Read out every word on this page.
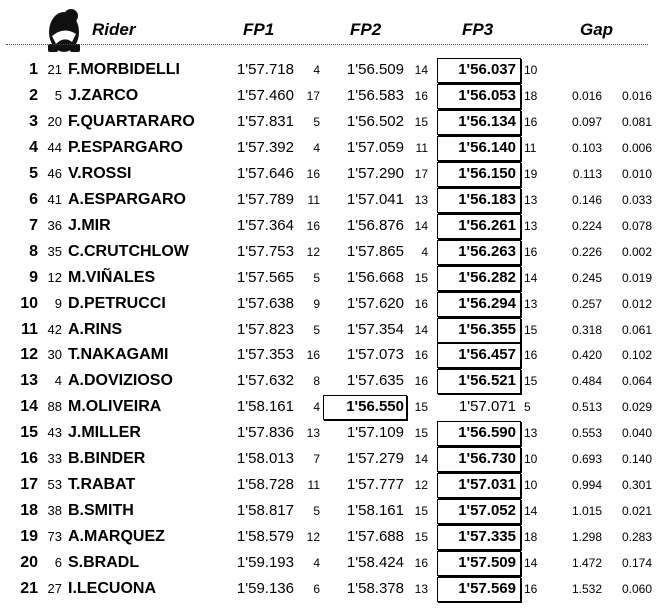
Rider	FP1	FP2	FP3	Gap
1 21 F.MORBIDELLI	1'57.718	4	1'56.509 14	1'56.037 10
2	5 J.ZARCO	1'57.460	17	1'56.583 16	1'56.053 18	0.016	0.016
3 20 F.QUARTARARO	1'57.831	5	1'56.502 15	1'56.134 16	0.097	0.081
4 44 P.ESPARGARO	1'57.392	4	1'57.059 11	1'56.140 11	0.103	0.006
5 46 V.ROSSI	1'57.646	16	1'57.290 17	1'56.150 19	0.113	0.010
6 41 A.ESPARGARO	1'57.789	11	1'57.041 13	1'56.183 13	0.146	0.033
7 36 J.MIR	1'57.364	16	1'56.876 14	1'56.261 13	0.224	0.078
8 35 C.CRUTCHLOW	1'57.753	12	1'57.865	4	1'56.263 16	0.226	0.002
9 12 M.VIÑALES	1'57.565	5	1'56.668 15	1'56.282 14	0.245	0.019
10	9 D.PETRUCCI	1'57.638	9	1'57.620 16	1'56.294 13	0.257	0.012
11 42 A.RINS	1'57.823	5	1'57.354 14	1'56.355 15	0.318	0.061
12 30 T.NAKAGAMI	1'57.353	16	1'57.073 16	1'56.457 16	0.420	0.102
13	4 A.DOVIZIOSO	1'57.632	8	1'57.635 16	1'56.521 15	0.484	0.064
14 88 M.OLIVEIRA	1'58.161	4	1'56.550 15	1'57.071 5	0.513	0.029
15 43 J.MILLER	1'57.836	13	1'57.109 15	1'56.590 13	0.553	0.040
16 33 B.BINDER	1'58.013	7	1'57.279 14	1'56.730 10	0.693	0.140
17 53 T.RABAT	1'58.728	11	1'57.777 12	1'57.031 10	0.994	0.301
18 38 B.SMITH	1'58.817	5	1'58.161 15	1'57.052 14	1.015	0.021
19 73 A.MARQUEZ	1'58.579	12	1'57.688 15	1'57.335 18	1.298	0.283
20	6 S.BRADL	1'59.193	4	1'58.424 16	1'57.509 14	1.472	0.174
21 27 I.LECUONA	1'59.136	6	1'58.378 13	1'57.569 16	1.532	0.060
